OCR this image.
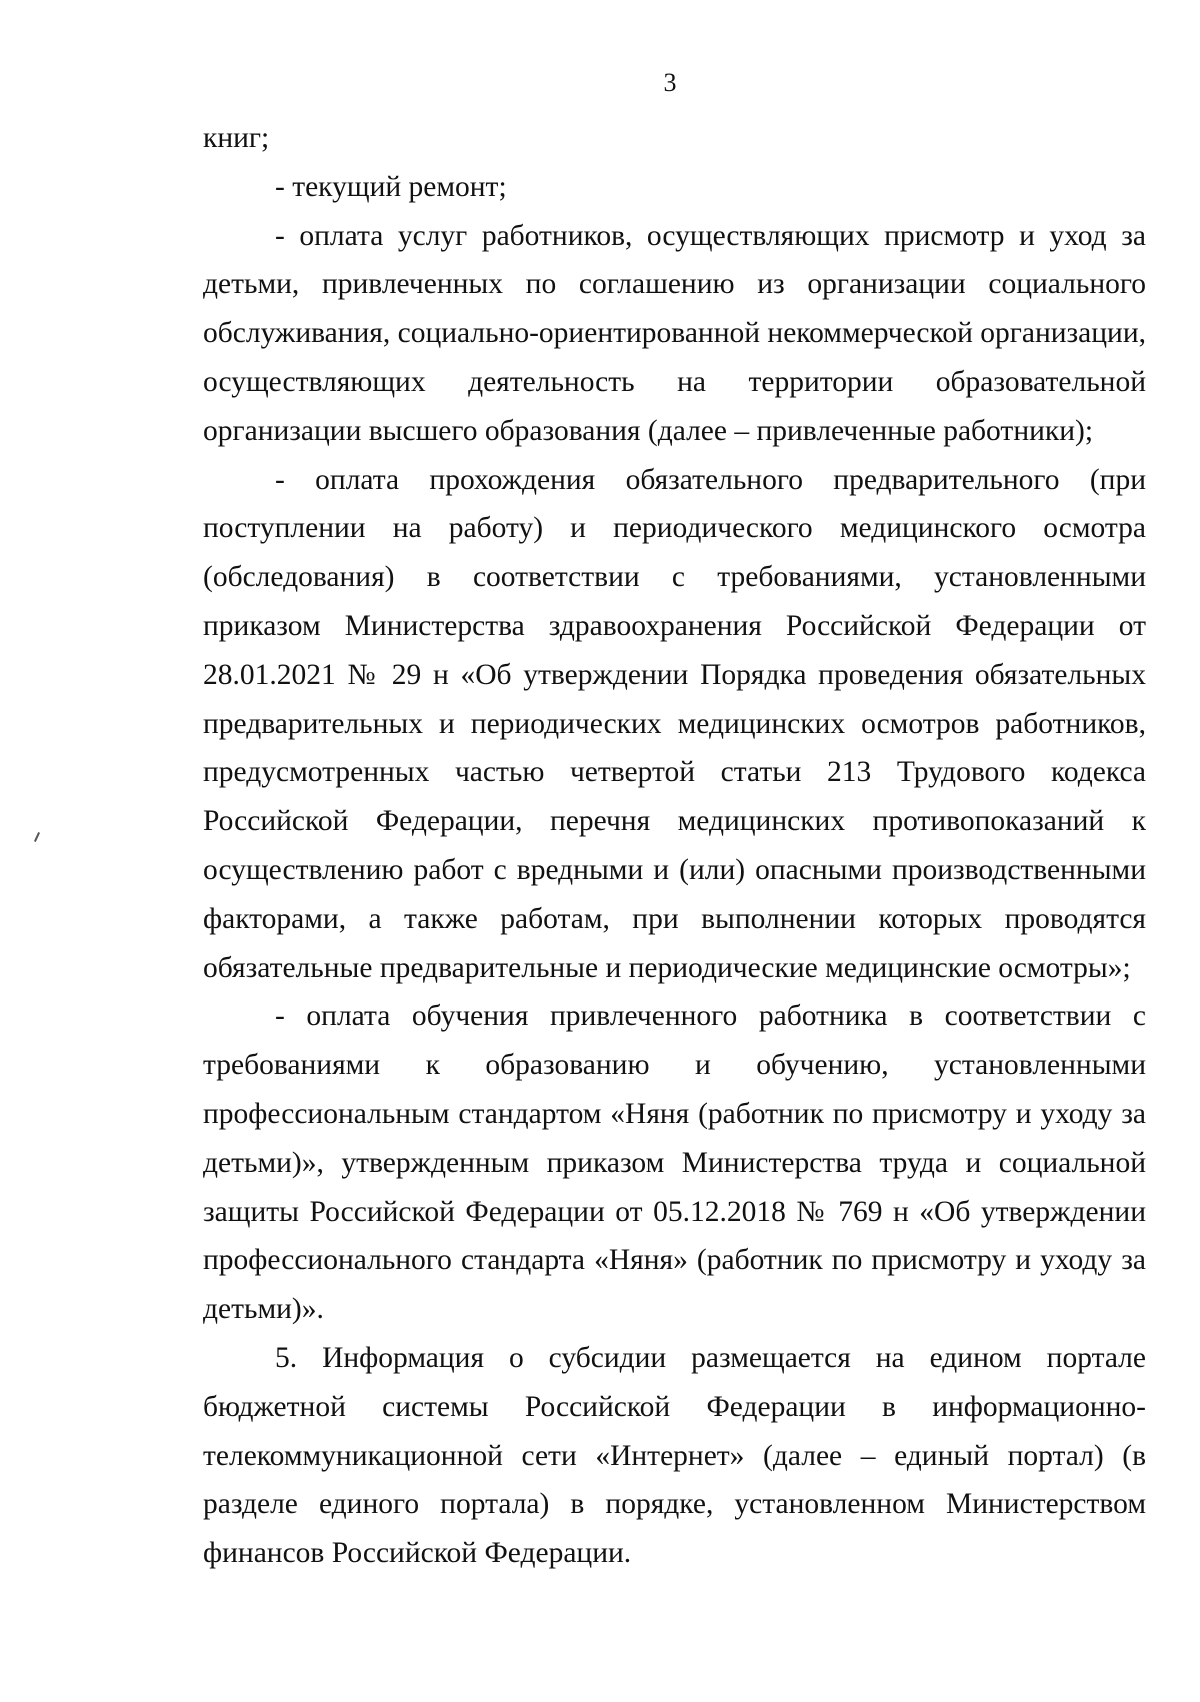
3

книг;

- текущий ремонт;

- оплата услуг работников, осуществляющих присмотр и уход за детьми, привлеченных по соглашению из организации социального обслуживания, социально-ориентированной некоммерческой организации, осуществляющих деятельность на территории образовательной организации высшего образования (далее – привлеченные работники);

- оплата прохождения обязательного предварительного (при поступлении на работу) и периодического медицинского осмотра (обследования) в соответствии с требованиями, установленными приказом Министерства здравоохранения Российской Федерации от 28.01.2021 № 29 н «Об утверждении Порядка проведения обязательных предварительных и периодических медицинских осмотров работников, предусмотренных частью четвертой статьи 213 Трудового кодекса Российской Федерации, перечня медицинских противопоказаний к осуществлению работ с вредными и (или) опасными производственными факторами, а также работам, при выполнении которых проводятся обязательные предварительные и периодические медицинские осмотры»;

- оплата обучения привлеченного работника в соответствии с требованиями к образованию и обучению, установленными профессиональным стандартом «Няня (работник по присмотру и уходу за детьми)», утвержденным приказом Министерства труда и социальной защиты Российской Федерации от 05.12.2018 № 769 н «Об утверждении профессионального стандарта «Няня» (работник по присмотру и уходу за детьми)».

5. Информация о субсидии размещается на едином портале бюджетной системы Российской Федерации в информационно-телекоммуникационной сети «Интернет» (далее – единый портал) (в разделе единого портала) в порядке, установленном Министерством финансов Российской Федерации.
